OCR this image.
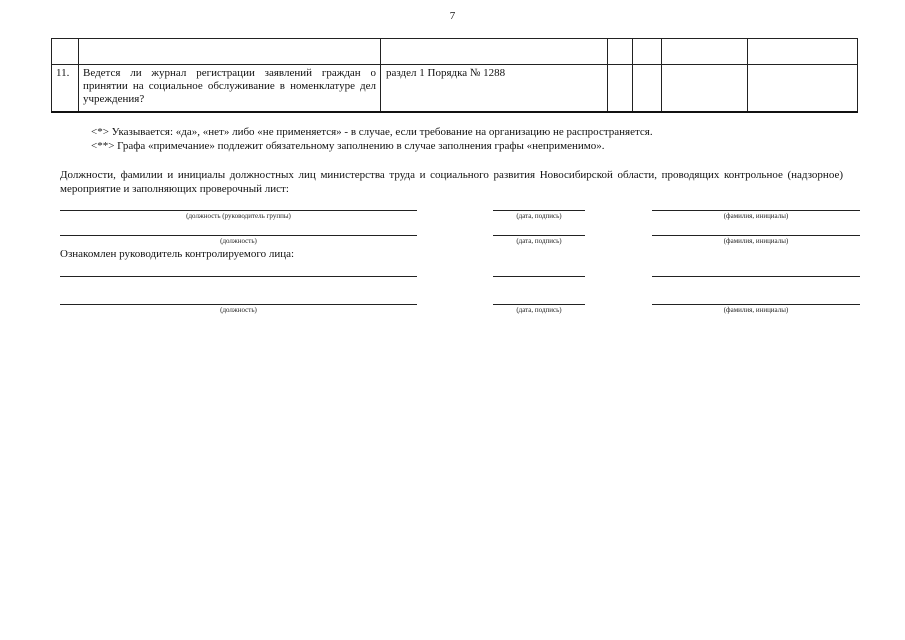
7

11.	Ведется ли журнал регистрации заявлений граждан о принятии на социальное обслуживание в номенклатуре дел учреждения?	раздел 1 Порядка № 1288				
<*> Указывается: «да», «нет» либо «не применяется» - в случае, если требование на организацию не распространяется.
<**> Графа «примечание» подлежит обязательному заполнению в случае заполнения графы «неприменимо».
Должности, фамилии и инициалы должностных лиц министерства труда и социального развития Новосибирской области, проводящих контрольное (надзорное) мероприятие и заполняющих проверочный лист:
(должность (руководитель группы)	(дата, подпись)	(фамилия, инициалы)
(должность)	(дата, подпись)	(фамилия, инициалы)
Ознакомлен руководитель контролируемого лица:
(должность)	(дата, подпись)	(фамилия, инициалы)
